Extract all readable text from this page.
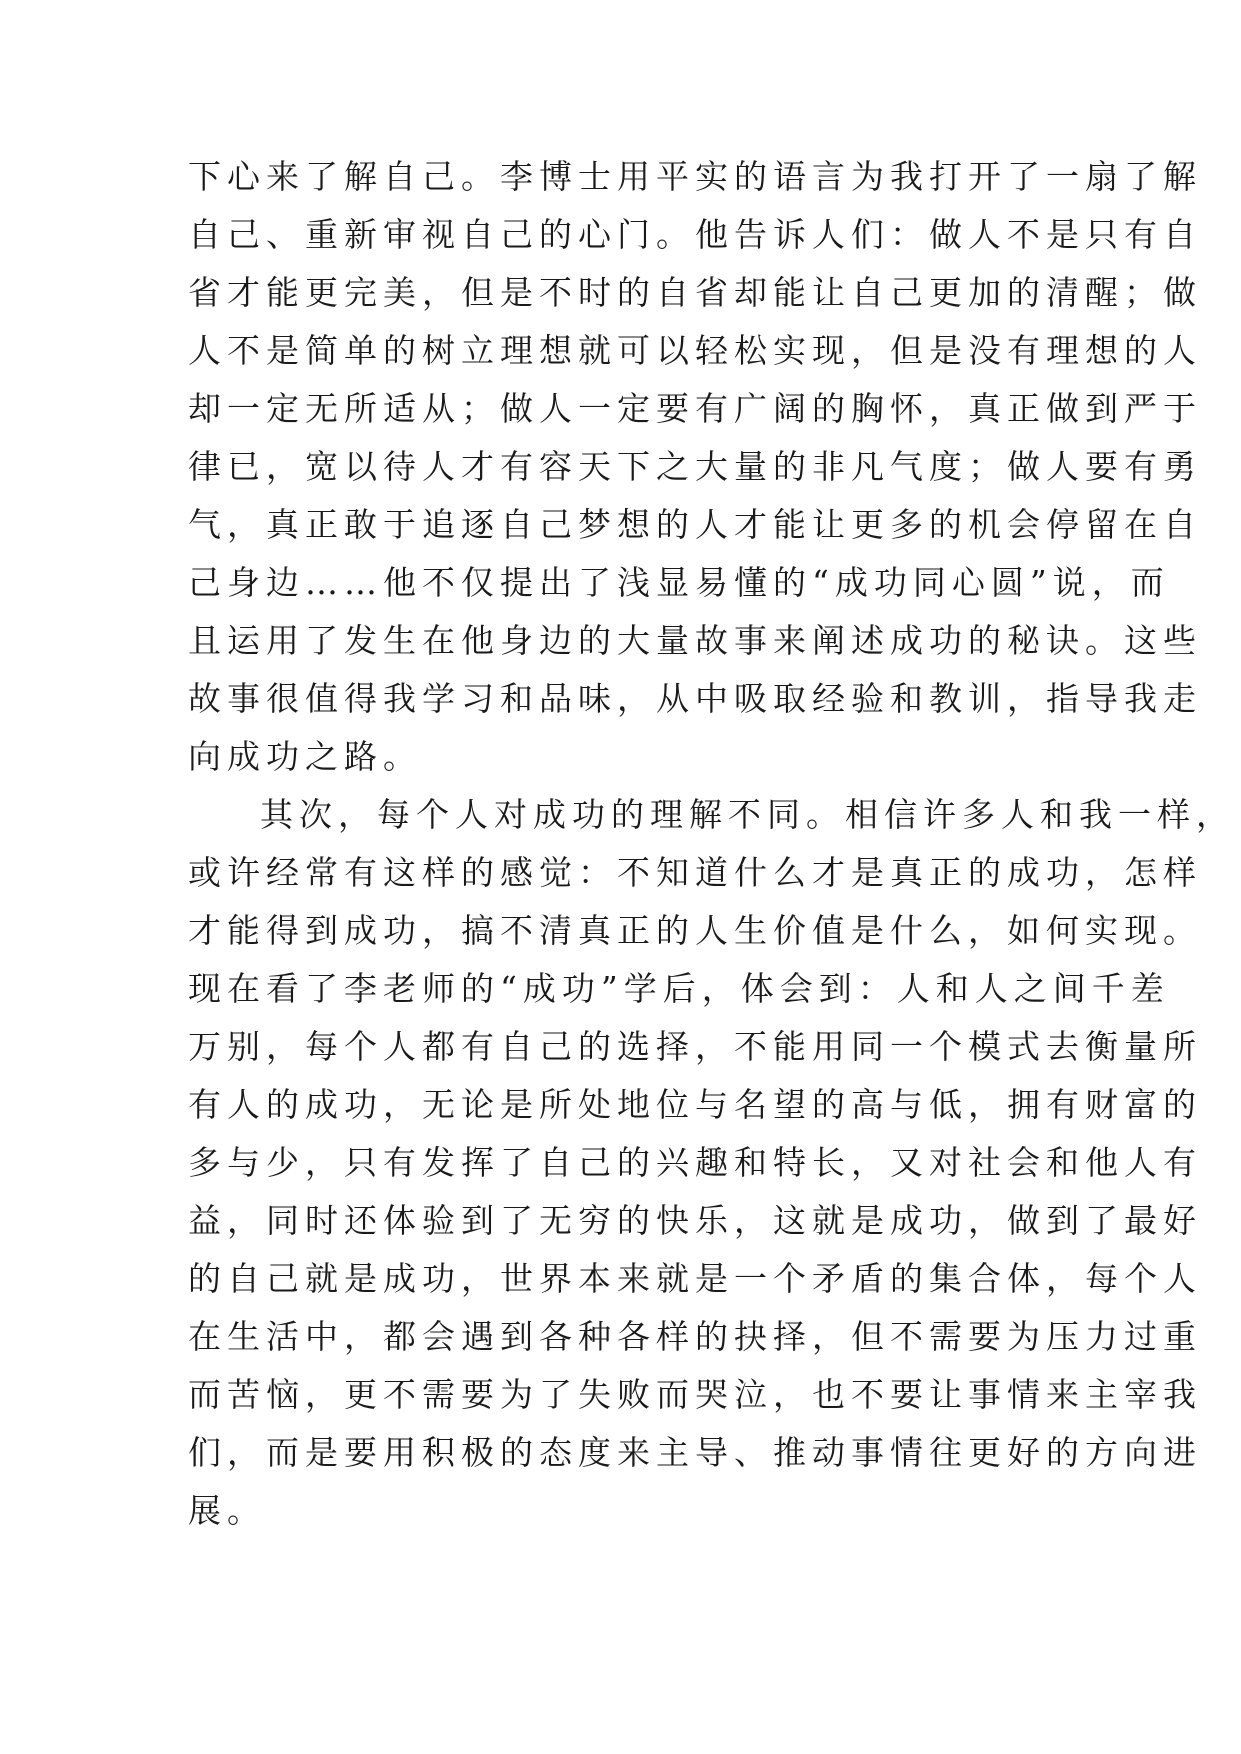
下心来了解自己。李博士用平实的语言为我打开了一扇了解
自己、重新审视自己的心门。他告诉人们：做人不是只有自
省才能更完美，但是不时的自省却能让自己更加的清醒；做
人不是简单的树立理想就可以轻松实现，但是没有理想的人
却一定无所适从；做人一定要有广阔的胸怀，真正做到严于
律已，宽以待人才有容天下之大量的非凡气度；做人要有勇
气，真正敢于追逐自己梦想的人才能让更多的机会停留在自
己身边……他不仅提出了浅显易懂的“成功同心圆”说，而
且运用了发生在他身边的大量故事来阐述成功的秘诀。这些
故事很值得我学习和品味，从中吸取经验和教训，指导我走
向成功之路。
其次，每个人对成功的理解不同。相信许多人和我一样，
或许经常有这样的感觉：不知道什么才是真正的成功，怎样
才能得到成功，搞不清真正的人生价值是什么，如何实现。
现在看了李老师的“成功”学后，体会到：人和人之间千差
万别，每个人都有自己的选择，不能用同一个模式去衡量所
有人的成功，无论是所处地位与名望的高与低，拥有财富的
多与少，只有发挥了自己的兴趣和特长，又对社会和他人有
益，同时还体验到了无穷的快乐，这就是成功，做到了最好
的自己就是成功，世界本来就是一个矛盾的集合体，每个人
在生活中，都会遇到各种各样的抉择，但不需要为压力过重
而苦恼，更不需要为了失败而哭泣，也不要让事情来主宰我
们，而是要用积极的态度来主导、推动事情往更好的方向进
展。
